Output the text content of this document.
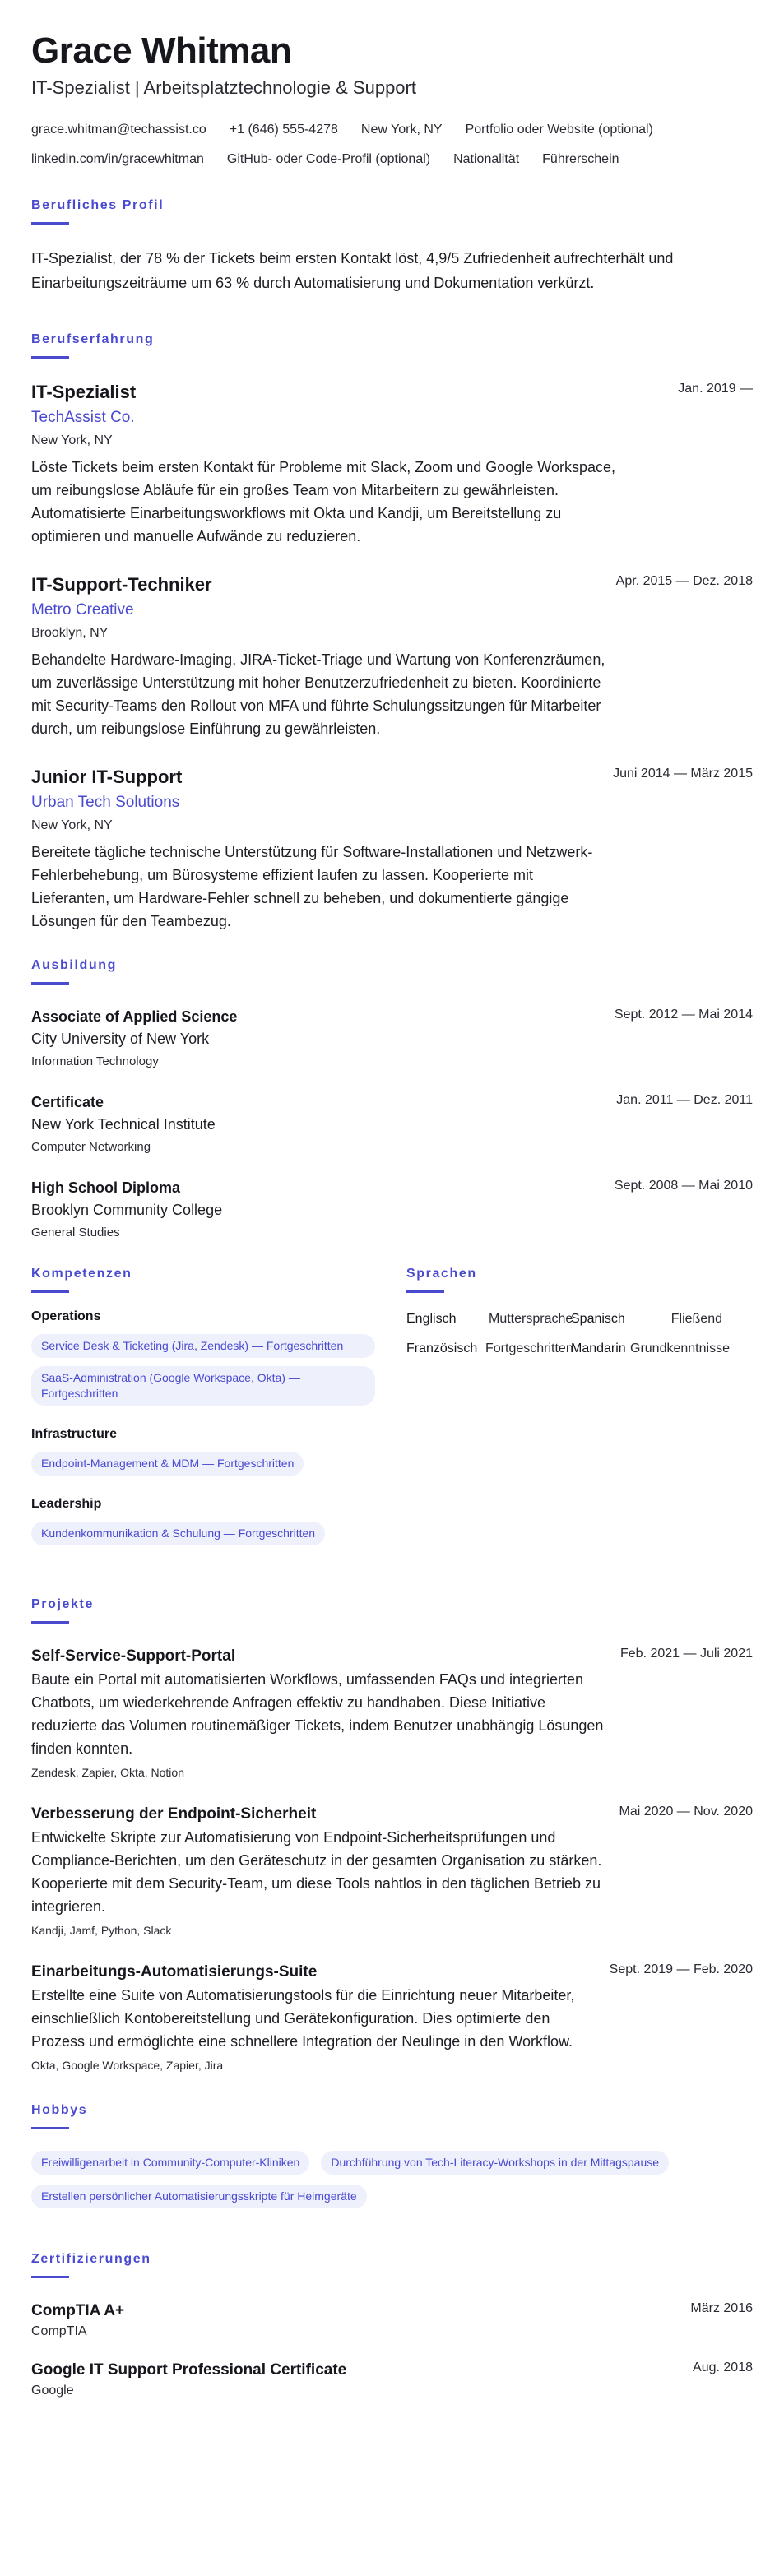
Grace Whitman
IT-Spezialist | Arbeitsplatztechnologie & Support
grace.whitman@techassist.co +1 (646) 555-4278 New York, NY Portfolio oder Website (optional)
linkedin.com/in/gracewhitman GitHub- oder Code-Profil (optional) Nationalität Führerschein
Berufliches Profil
IT-Spezialist, der 78 % der Tickets beim ersten Kontakt löst, 4,9/5 Zufriedenheit aufrechterhält und Einarbeitungszeiträume um 63 % durch Automatisierung und Dokumentation verkürzt.
Berufserfahrung
Jan. 2019 —
IT-Spezialist
TechAssist Co.
New York, NY
Löste Tickets beim ersten Kontakt für Probleme mit Slack, Zoom und Google Workspace, um reibungslose Abläufe für ein großes Team von Mitarbeitern zu gewährleisten. Automatisierte Einarbeitungsworkflows mit Okta und Kandji, um Bereitstellung zu optimieren und manuelle Aufwände zu reduzieren.
Apr. 2015 — Dez. 2018
IT-Support-Techniker
Metro Creative
Brooklyn, NY
Behandelte Hardware-Imaging, JIRA-Ticket-Triage und Wartung von Konferenzräumen, um zuverlässige Unterstützung mit hoher Benutzerzufriedenheit zu bieten. Koordinierte mit Security-Teams den Rollout von MFA und führte Schulungssitzungen für Mitarbeiter durch, um reibungslose Einführung zu gewährleisten.
Juni 2014 — März 2015
Junior IT-Support
Urban Tech Solutions
New York, NY
Bereitete tägliche technische Unterstützung für Software-Installationen und Netzwerk-Fehlerbehebung, um Bürosysteme effizient laufen zu lassen. Kooperierte mit Lieferanten, um Hardware-Fehler schnell zu beheben, und dokumentierte gängige Lösungen für den Teambezug.
Ausbildung
Sept. 2012 — Mai 2014
Associate of Applied Science
City University of New York
Information Technology
Jan. 2011 — Dez. 2011
Certificate
New York Technical Institute
Computer Networking
Sept. 2008 — Mai 2010
High School Diploma
Brooklyn Community College
General Studies
Kompetenzen
Operations
Service Desk & Ticketing (Jira, Zendesk) — Fortgeschritten SaaS-Administration (Google Workspace, Okta) — Fortgeschritten
Infrastructure
Endpoint-Management & MDM — Fortgeschritten
Leadership
Kundenkommunikation & Schulung — Fortgeschritten
Sprachen
Englisch	Muttersprache
Spanisch	Fließend
Französisch Fortgeschritten
Mandarin Grundkenntnisse
Projekte
Feb. 2021 — Juli 2021
Self-Service-Support-Portal
Baute ein Portal mit automatisierten Workflows, umfassenden FAQs und integrierten Chatbots, um wiederkehrende Anfragen effektiv zu handhaben. Diese Initiative reduzierte das Volumen routinemäßiger Tickets, indem Benutzer unabhängig Lösungen finden konnten.
Zendesk, Zapier, Okta, Notion
Mai 2020 — Nov. 2020
Verbesserung der Endpoint-Sicherheit
Entwickelte Skripte zur Automatisierung von Endpoint-Sicherheitsprüfungen und Compliance-Berichten, um den Geräteschutz in der gesamten Organisation zu stärken. Kooperierte mit dem Security-Team, um diese Tools nahtlos in den täglichen Betrieb zu integrieren.
Kandji, Jamf, Python, Slack
Sept. 2019 — Feb. 2020
Einarbeitungs-Automatisierungs-Suite
Erstellte eine Suite von Automatisierungstools für die Einrichtung neuer Mitarbeiter, einschließlich Kontobereitstellung und Gerätekonfiguration. Dies optimierte den Prozess und ermöglichte eine schnellere Integration der Neulinge in den Workflow.
Okta, Google Workspace, Zapier, Jira
Hobbys
Freiwilligenarbeit in Community-Computer-Kliniken	Durchführung von Tech-Literacy-Workshops in der Mittagspause
Erstellen persönlicher Automatisierungsskripte für Heimgeräte
Zertifizierungen
März 2016
CompTIA A+
CompTIA
Aug. 2018
Google IT Support Professional Certificate
Google
